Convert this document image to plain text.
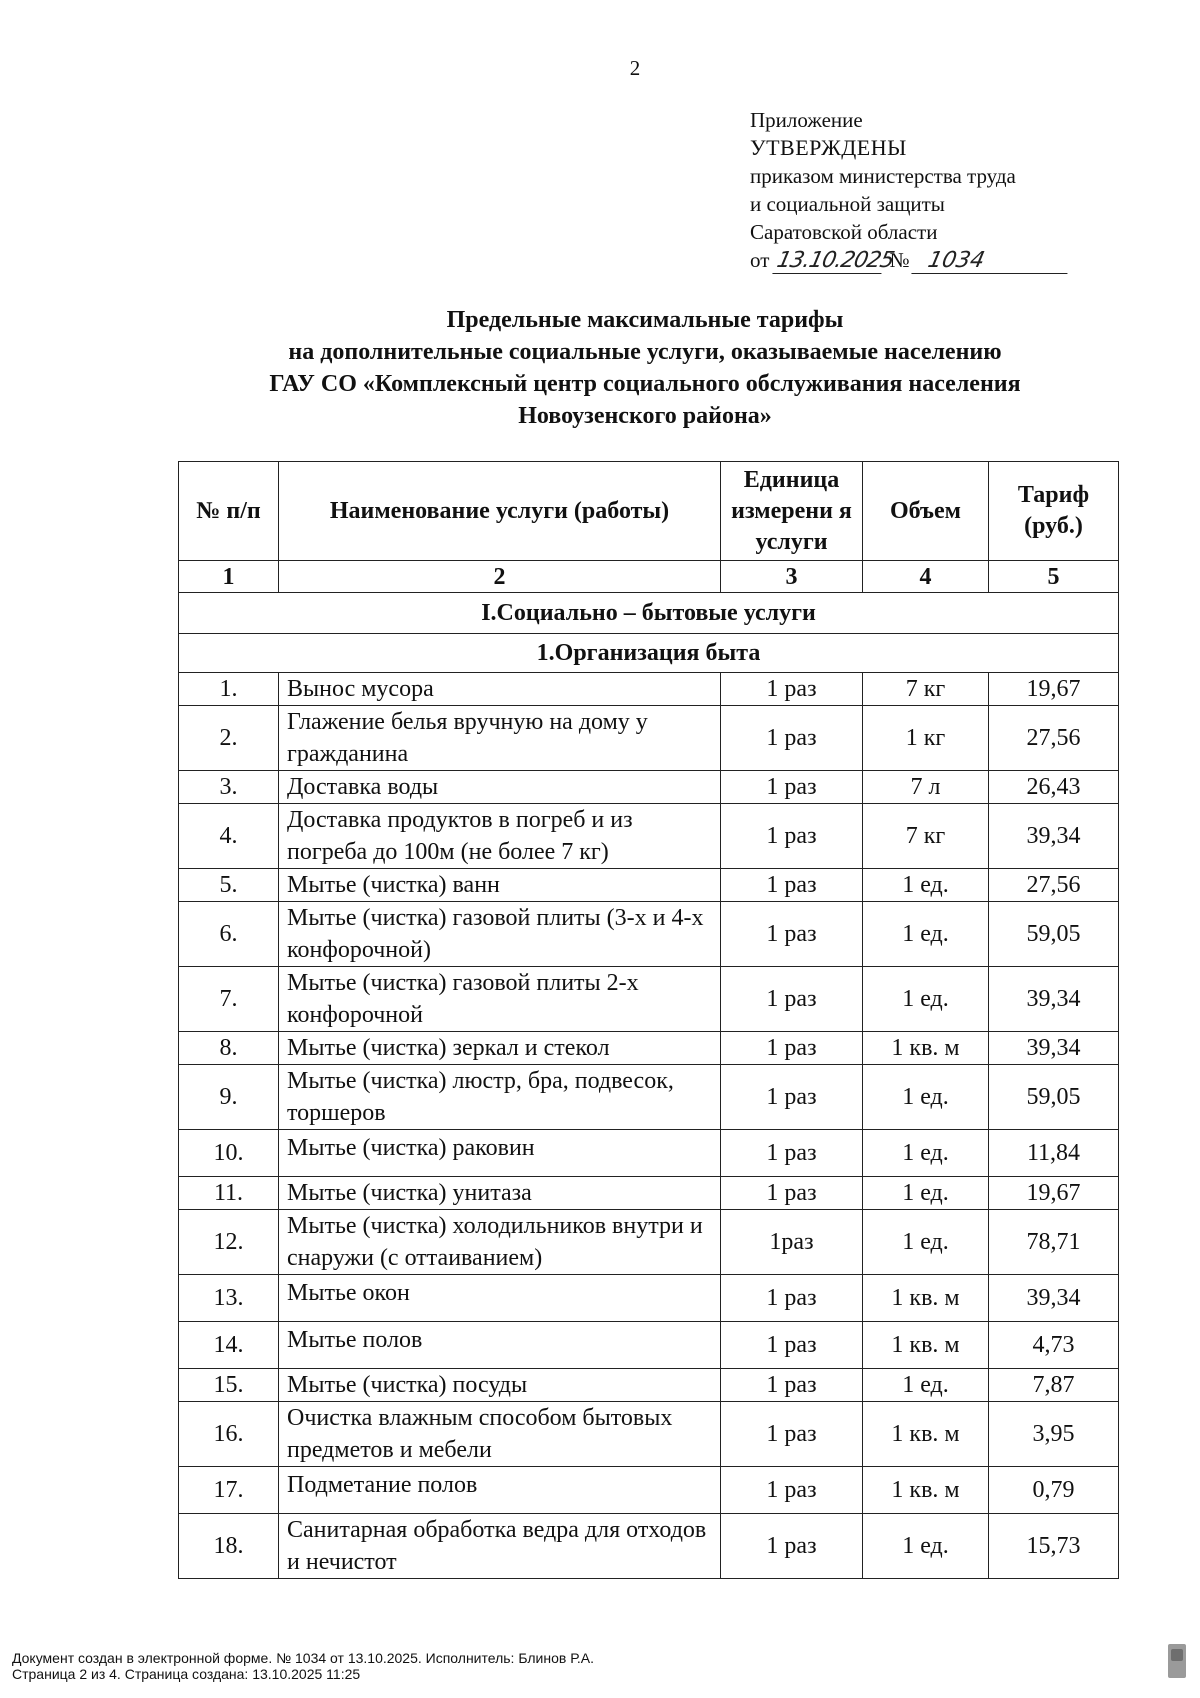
2
Приложение
УТВЕРЖДЕНЫ
приказом министерства труда
и социальной защиты
Саратовской области
от
13.10.2025
№ 1034
Предельные максимальные тарифы
на дополнительные социальные услуги, оказываемые населению
ГАУ СО «Комплексный центр социального обслуживания населения
Новоузенского района»
№ п/п	Наименование услуги (работы)	Единица измерени я услуги	Объем	Тариф (руб.)
1	2	3	4	5
I.Социально – бытовые услуги				
1.Организация быта				
1.	Вынос мусора	1 раз	7 кг	19,67
2.	Глажение белья вручную на дому у гражданина	1 раз	1 кг	27,56
3.	Доставка воды	1 раз	7 л	26,43
4.	Доставка продуктов в погреб и из погреба до 100м (не более 7 кг)	1 раз	7 кг	39,34
5.	Мытье (чистка) ванн	1 раз	1 ед.	27,56
6.	Мытье (чистка) газовой плиты (3-х и 4-х конфорочной)	1 раз	1 ед.	59,05
7.	Мытье (чистка) газовой плиты 2-х конфорочной	1 раз	1 ед.	39,34
8.	Мытье (чистка) зеркал и стекол	1 раз	1 кв. м	39,34
9.	Мытье (чистка) люстр, бра, подвесок, торшеров	1 раз	1 ед.	59,05
10.	Мытье (чистка) раковин	1 раз	1 ед.	11,84
11.	Мытье (чистка) унитаза	1 раз	1 ед.	19,67
12.	Мытье (чистка) холодильников внутри и снаружи (с оттаиванием)	1раз	1 ед.	78,71
13.	Мытье окон	1 раз	1 кв. м	39,34
14.	Мытье полов	1 раз	1 кв. м	4,73
15.	Мытье (чистка) посуды	1 раз	1 ед.	7,87
16.	Очистка влажным способом бытовых предметов и мебели	1 раз	1 кв. м	3,95
17.	Подметание полов	1 раз	1 кв. м	0,79
18.	Санитарная обработка ведра для отходов и нечистот	1 раз	1 ед.	15,73
Документ создан в электронной форме. № 1034 от 13.10.2025. Исполнитель: Блинов Р.А.
Страница 2 из 4. Страница создана: 13.10.2025 11:25
